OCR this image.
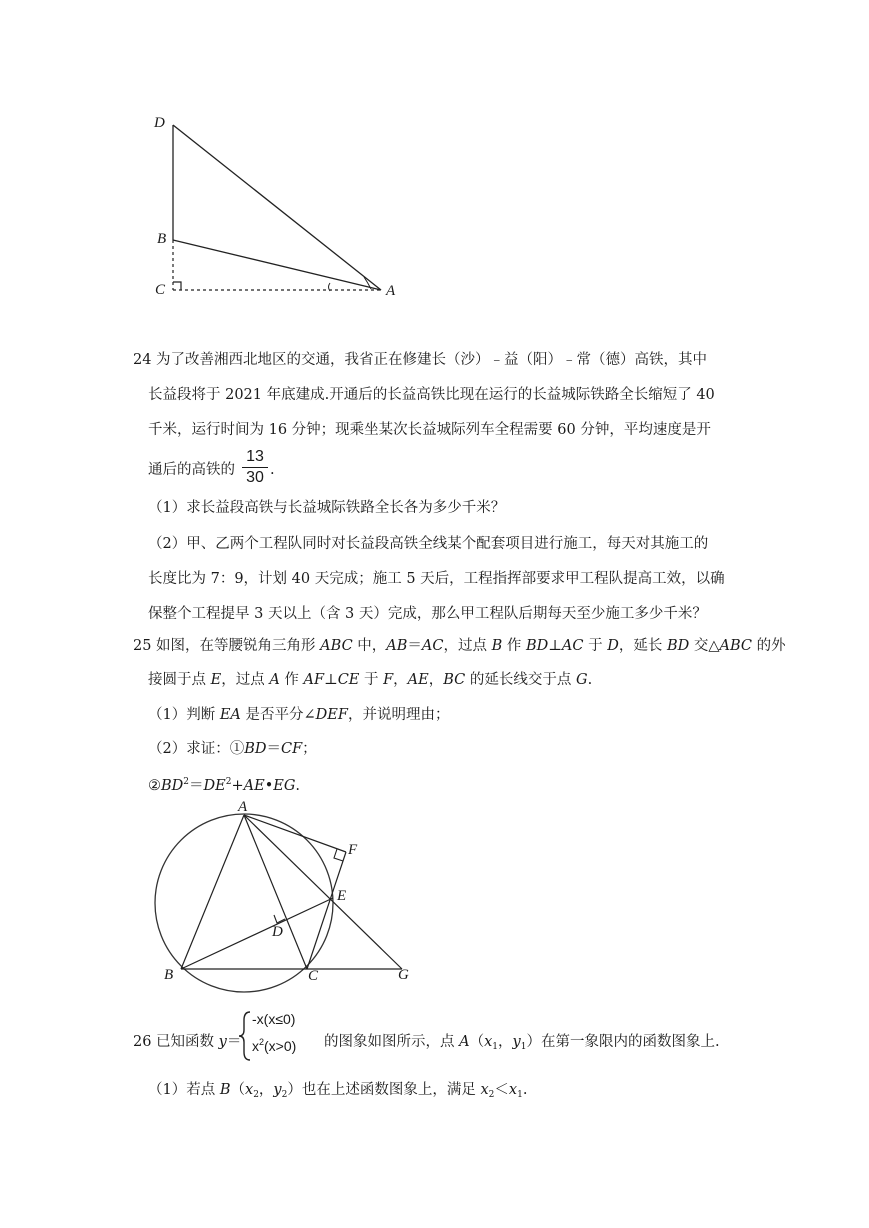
D
B
C	A
24 为了改善湘西北地区的交通，我省正在修建长（沙）﹣益（阳）﹣常（德）高铁，其中
长益段将于 2021 年底建成.开通后的长益高铁比现在运行的长益城际铁路全长缩短了 40
千米，运行时间为 16 分钟；现乘坐某次长益城际列车全程需要 60 分钟，平均速度是开
通后的高铁的
13
30 .
（1）求长益段高铁与长益城际铁路全长各为多少千米？
（2）甲、乙两个工程队同时对长益段高铁全线某个配套项目进行施工，每天对其施工的
长度比为 7：9，计划 40 天完成；施工 5 天后，工程指挥部要求甲工程队提高工效，以确
保整个工程提早 3 天以上（含 3 天）完成，那么甲工程队后期每天至少施工多少千米？
25 如图，在等腰锐角三角形 ABC 中，AB＝AC，过点 B 作 BD⊥AC 于 D，延长 BD 交△ABC 的外
接圆于点 E，过点 A 作 AF⊥CE 于 F，AE，BC 的延长线交于点 G.
（1）判断 EA 是否平分∠DEF，并说明理由；
（2）求证：①BD＝CF；
$②BD^2=DE^2+AE•EG$.
A
F
E
D
B	C	G
26 已知函数 y＝
-x(x≤0)
$x^2(x>0)$ 的图象如图所示，点 $A(x_1$，$y_1$）在第一象限内的函数图象上.
（1）若点 $B(x_2$，$y_2$）也在上述函数图象上，满足 $x_2<x_1$.
